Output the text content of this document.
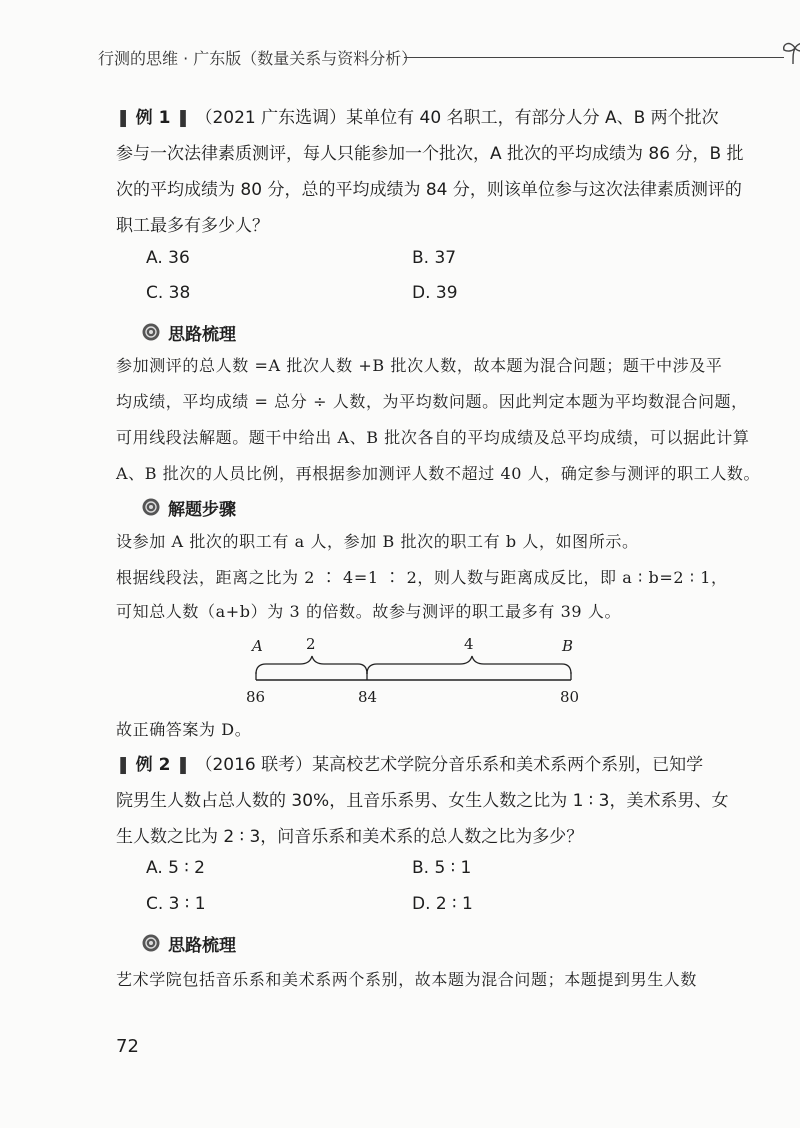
行测的思维 · 广东版（数量关系与资料分析）
❚ 例 1 ❚ （2021 广东选调）某单位有 40 名职工，有部分人分 A、B 两个批次
参与一次法律素质测评，每人只能参加一个批次，A 批次的平均成绩为 86 分，B 批
次的平均成绩为 80 分，总的平均成绩为 84 分，则该单位参与这次法律素质测评的
职工最多有多少人？
A. 36	B. 37
C. 38	D. 39
思路梳理
参加测评的总人数 =A 批次人数 +B 批次人数，故本题为混合问题；题干中涉及平
均成绩，平均成绩 = 总分 ÷ 人数，为平均数问题。因此判定本题为平均数混合问题，
可用线段法解题。题干中给出 A、B 批次各自的平均成绩及总平均成绩，可以据此计算
A、B 批次的人员比例，再根据参加测评人数不超过 40 人，确定参与测评的职工人数。
解题步骤
设参加 A 批次的职工有 a 人，参加 B 批次的职工有 b 人，如图所示。
根据线段法，距离之比为 2 ∶ 4=1 ∶ 2，则人数与距离成反比，即 a ∶ b=2 ∶ 1，
可知总人数（a+b）为 3 的倍数。故参与测评的职工最多有 39 人。
A	2	4	B
86	84	80
故正确答案为 D。
❚ 例 2 ❚ （2016 联考）某高校艺术学院分音乐系和美术系两个系别，已知学
院男生人数占总人数的 30%，且音乐系男、女生人数之比为 1 ∶ 3，美术系男、女
生人数之比为 2 ∶ 3，问音乐系和美术系的总人数之比为多少？
A. 5 ∶ 2	B. 5 ∶ 1
C. 3 ∶ 1	D. 2 ∶ 1
思路梳理
艺术学院包括音乐系和美术系两个系别，故本题为混合问题；本题提到男生人数
72
